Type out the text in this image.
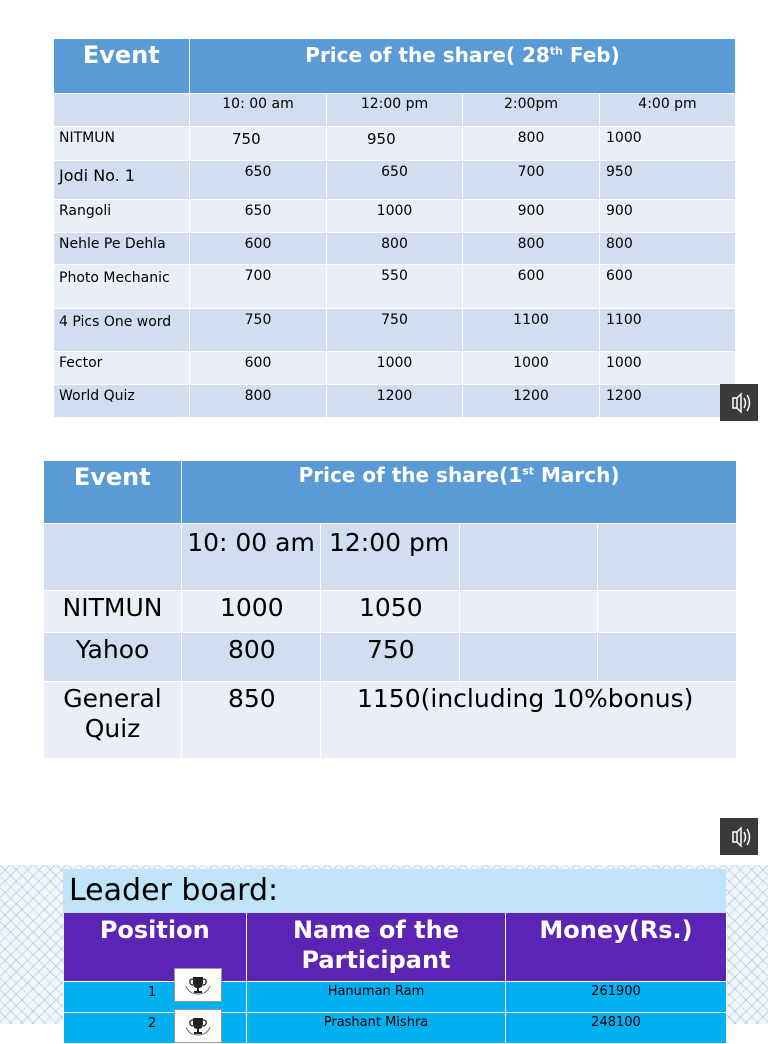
Event	Price of the share( 28th Feb)			
	10: 00 am	12:00 pm	2:00pm	4:00 pm
NITMUN	750	950	800	1000
Jodi No. 1	650	650	700	950
Rangoli	650	1000	900	900
Nehle Pe Dehla	600	800	800	800
Photo Mechanic	700	550	600	600
4 Pics One word	750	750	1100	1100
Fector	600	1000	1000	1000
World Quiz	800	1200	1200	1200
Event	Price of the share(1st March)			
	10: 00 am	12:00 pm		
NITMUN	1000	1050		
Yahoo	800	750		
General Quiz	850	1150(including 10%bonus)		
Leader board:
Position	Name of the Participant	Money(Rs.)

1	Hanuman Ram	261900

2	Prashant Mishra	248100
